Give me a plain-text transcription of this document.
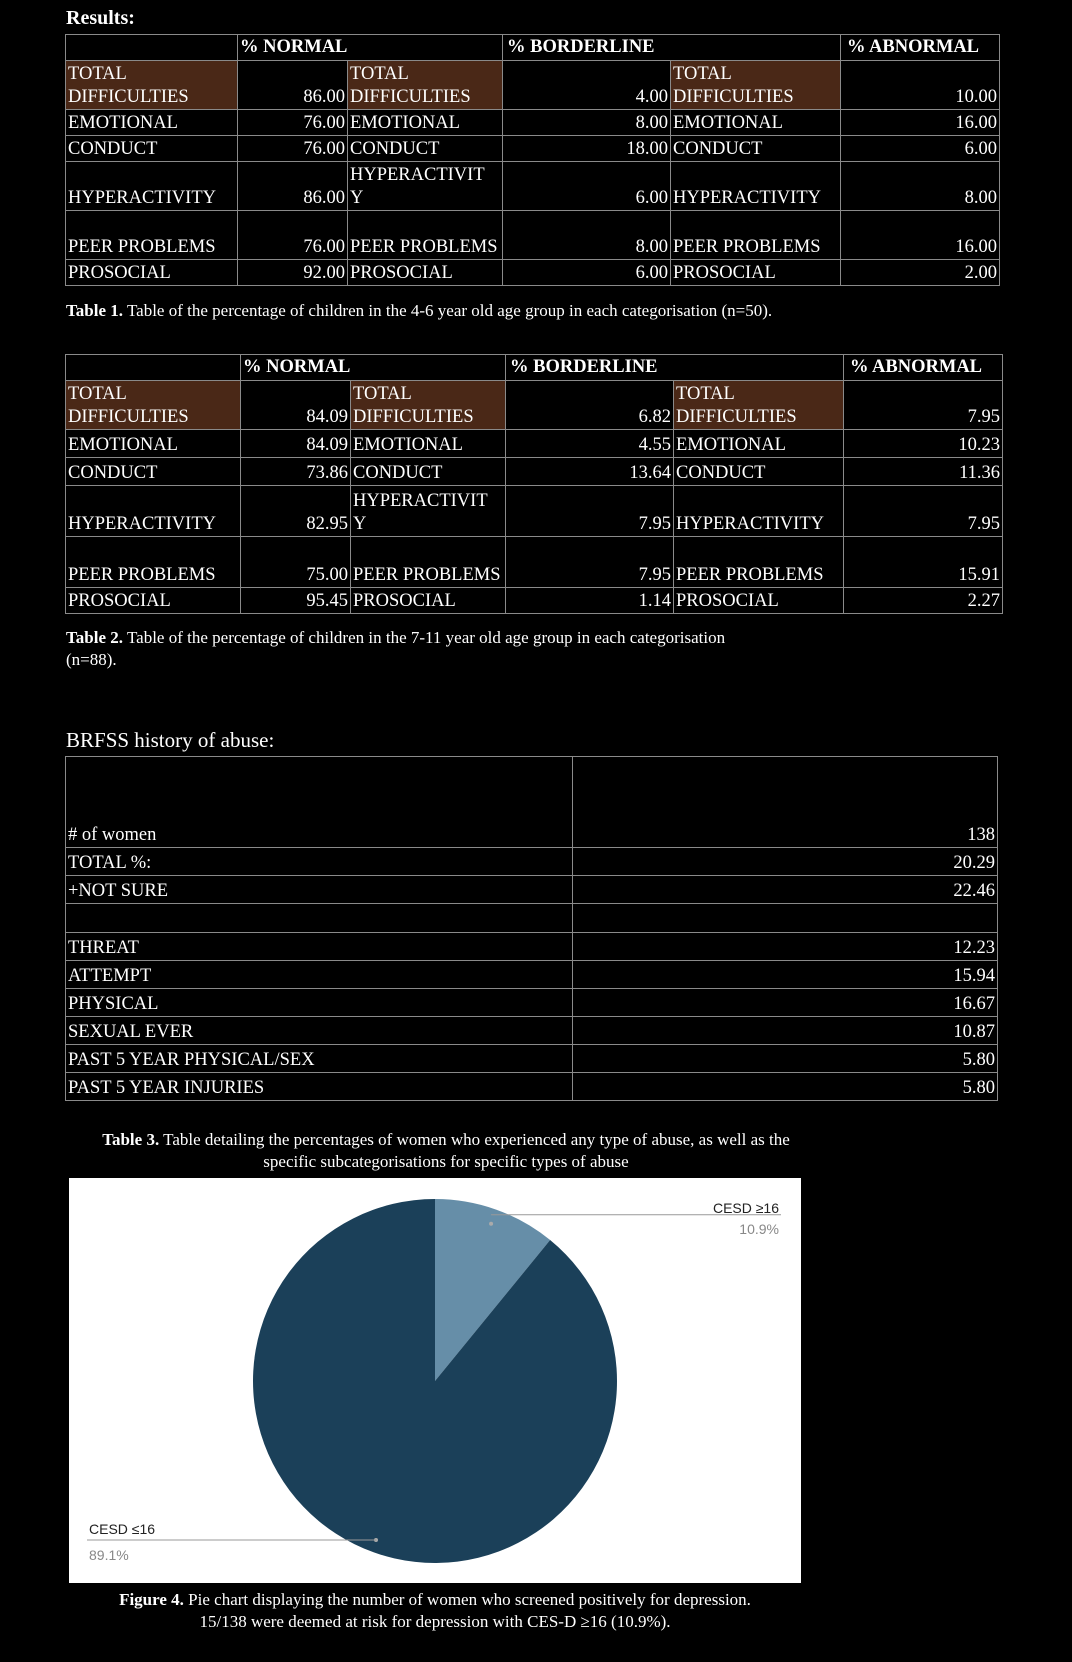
Results:
	% NORMAL		% BORDERLINE		% ABNORMAL
TOTAL DIFFICULTIES	86.00	TOTAL DIFFICULTIES	4.00	TOTAL DIFFICULTIES	10.00
EMOTIONAL	76.00	EMOTIONAL	8.00	EMOTIONAL	16.00
CONDUCT	76.00	CONDUCT	18.00	CONDUCT	6.00
HYPERACTIVITY	86.00	HYPERACTIVIT Y	6.00	HYPERACTIVITY	8.00
PEER PROBLEMS	76.00	PEER PROBLEMS	8.00	PEER PROBLEMS	16.00
PROSOCIAL	92.00	PROSOCIAL	6.00	PROSOCIAL	2.00
Table 1. Table of the percentage of children in the 4-6 year old age group in each categorisation (n=50).
	% NORMAL		% BORDERLINE		% ABNORMAL
TOTAL DIFFICULTIES	84.09	TOTAL DIFFICULTIES	6.82	TOTAL DIFFICULTIES	7.95
EMOTIONAL	84.09	EMOTIONAL	4.55	EMOTIONAL	10.23
CONDUCT	73.86	CONDUCT	13.64	CONDUCT	11.36
HYPERACTIVITY	82.95	HYPERACTIVIT Y	7.95	HYPERACTIVITY	7.95
PEER PROBLEMS	75.00	PEER PROBLEMS	7.95	PEER PROBLEMS	15.91
PROSOCIAL	95.45	PROSOCIAL	1.14	PROSOCIAL	2.27
Table 2. Table of the percentage of children in the 7-11 year old age group in each categorisation (n=88).
BRFSS history of abuse:
# of women	138
TOTAL %:	20.29
+NOT SURE	22.46

THREAT	12.23
ATTEMPT	15.94
PHYSICAL	16.67
SEXUAL EVER	10.87
PAST 5 YEAR PHYSICAL/SEX	5.80
PAST 5 YEAR INJURIES	5.80
Table 3. Table detailing the percentages of women who experienced any type of abuse, as well as the
specific subcategorisations for specific types of abuse
CESD ≥16
10.9%
CESD ≤16
89.1%
Figure 4. Pie chart displaying the number of women who screened positively for depression.
15/138 were deemed at risk for depression with CES-D ≥16 (10.9%).
